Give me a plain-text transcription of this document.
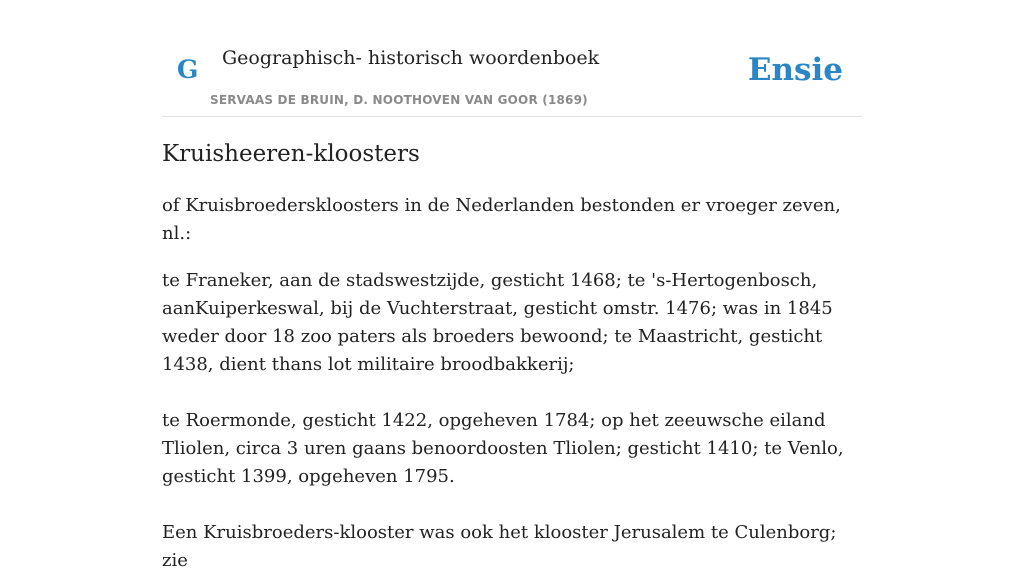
G Geographisch- historisch woordenboek
SERVAAS DE BRUIN, D. NOOTHOVEN VAN GOOR (1869)
Ensie
Kruisheeren-kloosters

of Kruisbroederskloosters in de Nederlanden bestonden er vroeger zeven, nl.:

te Franeker, aan de stadswestzijde, gesticht 1468; te 's-Hertogenbosch, aanKuiperkeswal, bij de Vuchterstraat, gesticht omstr. 1476; was in 1845 weder door 18 zoo paters als broeders bewoond; te Maastricht, gesticht 1438, dient thans lot militaire broodbakkerij;

te Roermonde, gesticht 1422, opgeheven 1784; op het zeeuwsche eiland Tliolen, circa 3 uren gaans benoordoosten Tliolen; gesticht 1410; te Venlo, gesticht 1399, opgeheven 1795.

Een Kruisbroeders-klooster was ook het klooster Jerusalem te Culenborg; zie
